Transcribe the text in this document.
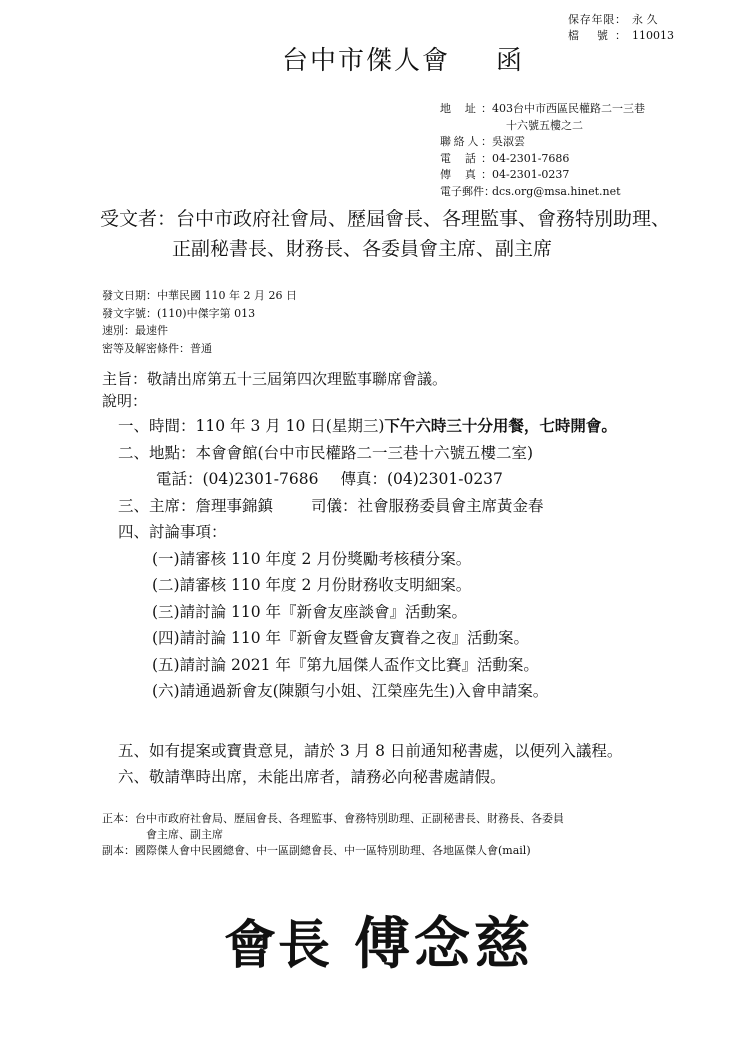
保存年限： 永 久
檔 號： 110013
台中市傑人會 函
地 址：403台中市西區民權路二一三巷
十六號五樓之二
聯絡人：吳淑雲
電 話：04-2301-7686
傳 真：04-2301-0237
電子郵件：dcs.org@msa.hinet.net
受文者：台中市政府社會局、歷屆會長、各理監事、會務特別助理、
正副秘書長、財務長、各委員會主席、副主席
發文日期：中華民國 110 年 2 月 26 日
發文字號：(110)中傑字第 013
速別：最速件
密等及解密條件：普通
主旨：敬請出席第五十三屆第四次理監事聯席會議。
說明：
一、時間：110 年 3 月 10 日(星期三)下午六時三十分用餐，七時開會。
二、地點：本會會館(台中市民權路二一三巷十六號五樓二室)
電話：(04)2301-7686 傳真：(04)2301-0237
三、主席：詹理事錦鎮 司儀：社會服務委員會主席黃金春
四、討論事項：
(一)請審核 110 年度 2 月份獎勵考核積分案。
(二)請審核 110 年度 2 月份財務收支明細案。
(三)請討論 110 年『新會友座談會』活動案。
(四)請討論 110 年『新會友暨會友寶眷之夜』活動案。
(五)請討論 2021 年『第九屆傑人盃作文比賽』活動案。
(六)請通過新會友(陳顥勻小姐、江榮座先生)入會申請案。
五、如有提案或寶貴意見，請於 3 月 8 日前通知秘書處，以便列入議程。
六、敬請準時出席，未能出席者，請務必向秘書處請假。
正本：台中市政府社會局、歷屆會長、各理監事、會務特別助理、正副秘書長、財務長、各委員
會主席、副主席
副本：國際傑人會中民國總會、中一區副總會長、中一區特別助理、各地區傑人會(mail)
會長 傅念慈
